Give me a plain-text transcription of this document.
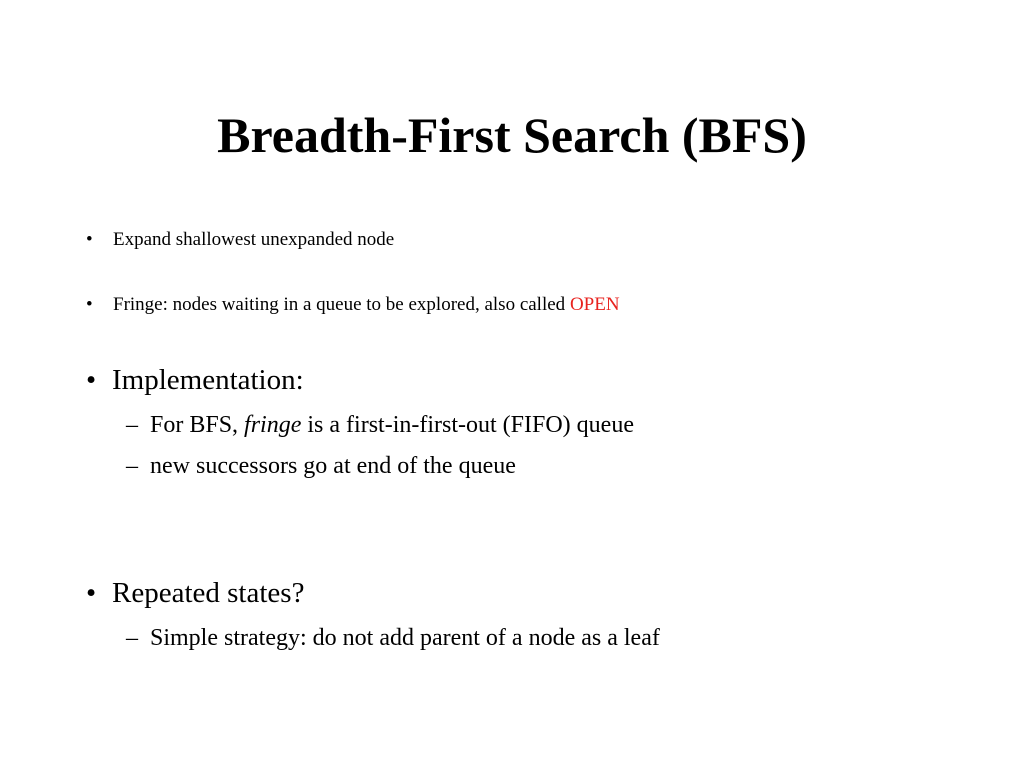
Breadth-First Search (BFS)
•	Expand shallowest unexpanded node
•	Fringe: nodes waiting in a queue to be explored, also called OPEN
• Implementation:
– For BFS, fringe is a first-in-first-out (FIFO) queue
– new successors go at end of the queue
• Repeated states?
– Simple strategy: do not add parent of a node as a leaf
